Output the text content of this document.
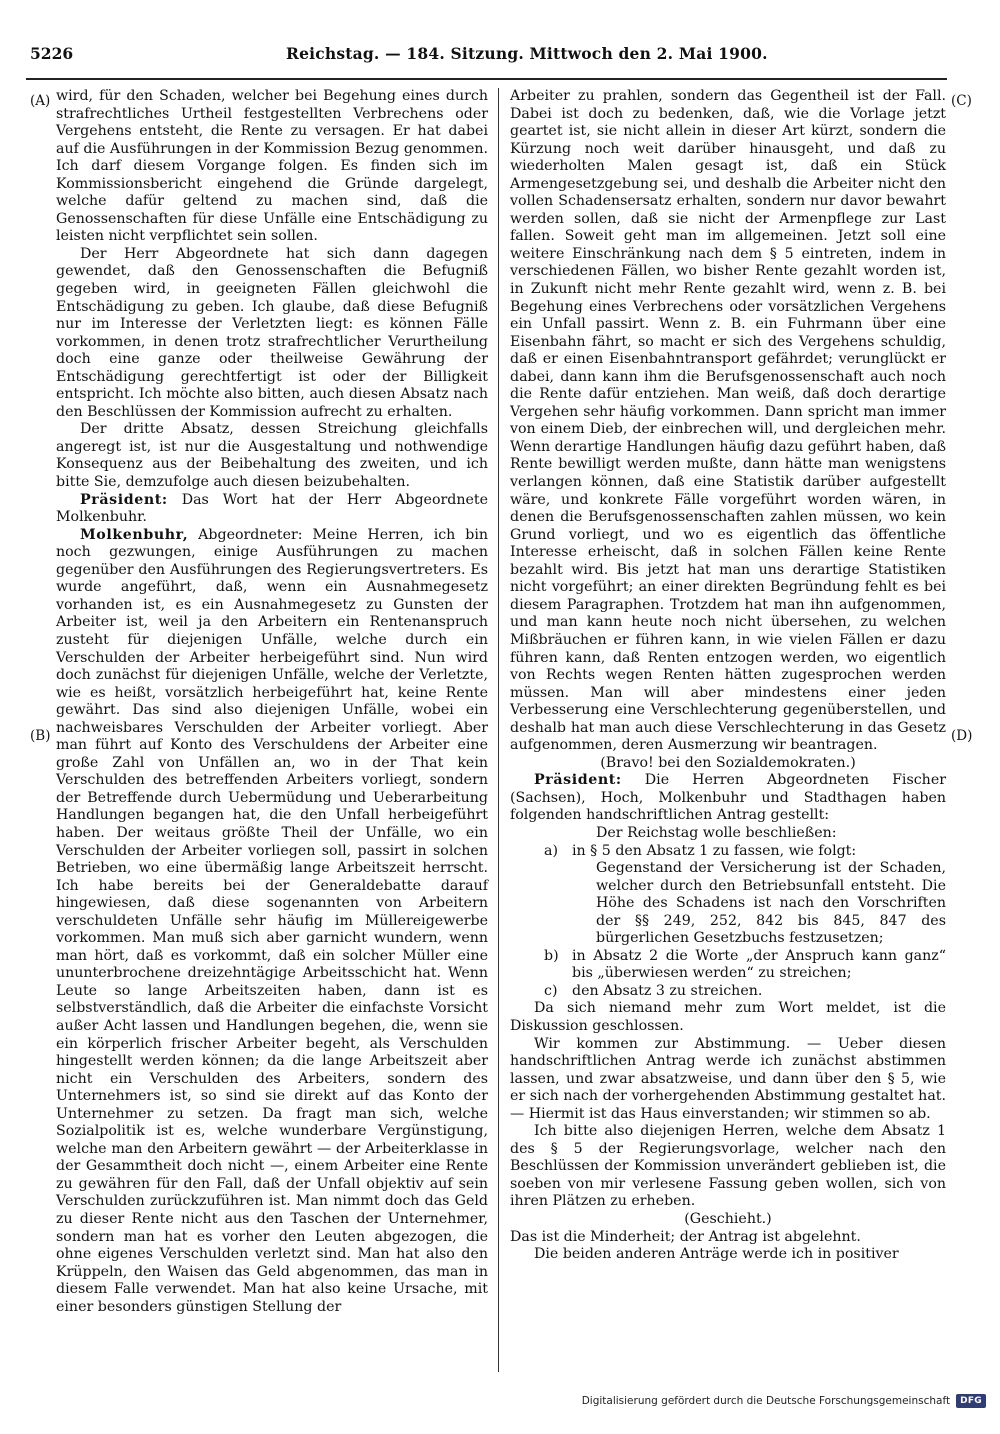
5226	Reichstag. — 184. Sitzung. Mittwoch den 2. Mai 1900.
(A)
(B)
(C)
(D)

wird, für den Schaden, welcher bei Begehung eines durch strafrechtliches Urtheil festgestellten Verbrechens oder Vergehens entsteht, die Rente zu versagen. Er hat dabei auf die Ausführungen in der Kommission Bezug genommen. Ich darf diesem Vorgange folgen. Es finden sich im Kommissionsbericht eingehend die Gründe dargelegt, welche dafür geltend zu machen sind, daß die Genossenschaften für diese Unfälle eine Entschädigung zu leisten nicht verpflichtet sein sollen.

Der Herr Abgeordnete hat sich dann dagegen gewendet, daß den Genossenschaften die Befugniß gegeben wird, in geeigneten Fällen gleichwohl die Entschädigung zu geben. Ich glaube, daß diese Befugniß nur im Interesse der Verletzten liegt: es können Fälle vorkommen, in denen trotz strafrechtlicher Verurtheilung doch eine ganze oder theilweise Gewährung der Entschädigung gerechtfertigt ist oder der Billigkeit entspricht. Ich möchte also bitten, auch diesen Absatz nach den Beschlüssen der Kommission aufrecht zu erhalten.

Der dritte Absatz, dessen Streichung gleichfalls angeregt ist, ist nur die Ausgestaltung und nothwendige Konsequenz aus der Beibehaltung des zweiten, und ich bitte Sie, demzufolge auch diesen beizubehalten.

Präsident: Das Wort hat der Herr Abgeordnete Molkenbuhr.

Molkenbuhr, Abgeordneter: Meine Herren, ich bin noch gezwungen, einige Ausführungen zu machen gegenüber den Ausführungen des Regierungsvertreters. Es wurde angeführt, daß, wenn ein Ausnahmegesetz vorhanden ist, es ein Ausnahmegesetz zu Gunsten der Arbeiter ist, weil ja den Arbeitern ein Rentenanspruch zusteht für diejenigen Unfälle, welche durch ein Verschulden der Arbeiter herbeigeführt sind. Nun wird doch zunächst für diejenigen Unfälle, welche der Verletzte, wie es heißt, vorsätzlich herbeigeführt hat, keine Rente gewährt. Das sind also diejenigen Unfälle, wobei ein nachweisbares Verschulden der Arbeiter vorliegt. Aber man führt auf Konto des Verschuldens der Arbeiter eine große Zahl von Unfällen an, wo in der That kein Verschulden des betreffenden Arbeiters vorliegt, sondern der Betreffende durch Uebermüdung und Ueberarbeitung Handlungen begangen hat, die den Unfall herbeigeführt haben. Der weitaus größte Theil der Unfälle, wo ein Verschulden der Arbeiter vorliegen soll, passirt in solchen Betrieben, wo eine übermäßig lange Arbeitszeit herrscht. Ich habe bereits bei der Generaldebatte darauf hingewiesen, daß diese sogenannten von Arbeitern verschuldeten Unfälle sehr häufig im Müllereigewerbe vorkommen. Man muß sich aber garnicht wundern, wenn man hört, daß es vorkommt, daß ein solcher Müller eine ununterbrochene dreizehntägige Arbeitsschicht hat. Wenn Leute so lange Arbeitszeiten haben, dann ist es selbstverständlich, daß die Arbeiter die einfachste Vorsicht außer Acht lassen und Handlungen begehen, die, wenn sie ein körperlich frischer Arbeiter begeht, als Verschulden hingestellt werden können; da die lange Arbeitszeit aber nicht ein Verschulden des Arbeiters, sondern des Unternehmers ist, so sind sie direkt auf das Konto der Unternehmer zu setzen. Da fragt man sich, welche Sozialpolitik ist es, welche wunderbare Vergünstigung, welche man den Arbeitern gewährt — der Arbeiterklasse in der Gesammtheit doch nicht —, einem Arbeiter eine Rente zu gewähren für den Fall, daß der Unfall objektiv auf sein Verschulden zurückzuführen ist. Man nimmt doch das Geld zu dieser Rente nicht aus den Taschen der Unternehmer, sondern man hat es vorher den Leuten abgezogen, die ohne eigenes Verschulden verletzt sind. Man hat also den Krüppeln, den Waisen das Geld abgenommen, das man in diesem Falle verwendet. Man hat also keine Ursache, mit einer besonders günstigen Stellung der

Arbeiter zu prahlen, sondern das Gegentheil ist der Fall. Dabei ist doch zu bedenken, daß, wie die Vorlage jetzt geartet ist, sie nicht allein in dieser Art kürzt, sondern die Kürzung noch weit darüber hinausgeht, und daß zu wiederholten Malen gesagt ist, daß ein Stück Armengesetzgebung sei, und deshalb die Arbeiter nicht den vollen Schadensersatz erhalten, sondern nur davor bewahrt werden sollen, daß sie nicht der Armenpflege zur Last fallen. Soweit geht man im allgemeinen. Jetzt soll eine weitere Einschränkung nach dem § 5 eintreten, indem in verschiedenen Fällen, wo bisher Rente gezahlt worden ist, in Zukunft nicht mehr Rente gezahlt wird, wenn z. B. bei Begehung eines Verbrechens oder vorsätzlichen Vergehens ein Unfall passirt. Wenn z. B. ein Fuhrmann über eine Eisenbahn fährt, so macht er sich des Vergehens schuldig, daß er einen Eisenbahntransport gefährdet; verunglückt er dabei, dann kann ihm die Berufsgenossenschaft auch noch die Rente dafür entziehen. Man weiß, daß doch derartige Vergehen sehr häufig vorkommen. Dann spricht man immer von einem Dieb, der einbrechen will, und dergleichen mehr. Wenn derartige Handlungen häufig dazu geführt haben, daß Rente bewilligt werden mußte, dann hätte man wenigstens verlangen können, daß eine Statistik darüber aufgestellt wäre, und konkrete Fälle vorgeführt worden wären, in denen die Berufsgenossenschaften zahlen müssen, wo kein Grund vorliegt, und wo es eigentlich das öffentliche Interesse erheischt, daß in solchen Fällen keine Rente bezahlt wird. Bis jetzt hat man uns derartige Statistiken nicht vorgeführt; an einer direkten Begründung fehlt es bei diesem Paragraphen. Trotzdem hat man ihn aufgenommen, und man kann heute noch nicht übersehen, zu welchen Mißbräuchen er führen kann, in wie vielen Fällen er dazu führen kann, daß Renten entzogen werden, wo eigentlich von Rechts wegen Renten hätten zugesprochen werden müssen. Man will aber mindestens einer jeden Verbesserung eine Verschlechterung gegenüberstellen, und deshalb hat man auch diese Verschlechterung in das Gesetz aufgenommen, deren Ausmerzung wir beantragen.

(Bravo! bei den Sozialdemokraten.)

Präsident: Die Herren Abgeordneten Fischer (Sachsen), Hoch, Molkenbuhr und Stadthagen haben folgenden handschriftlichen Antrag gestellt:

Der Reichstag wolle beschließen:

a) in § 5 den Absatz 1 zu fassen, wie folgt:
Gegenstand der Versicherung ist der Schaden, welcher durch den Betriebsunfall entsteht. Die Höhe des Schadens ist nach den Vorschriften der §§ 249, 252, 842 bis 845, 847 des bürgerlichen Gesetzbuchs festzusetzen;
b) in Absatz 2 die Worte „der Anspruch kann ganz“ bis „überwiesen werden“ zu streichen;
c) den Absatz 3 zu streichen.

Da sich niemand mehr zum Wort meldet, ist die Diskussion geschlossen.

Wir kommen zur Abstimmung. — Ueber diesen handschriftlichen Antrag werde ich zunächst abstimmen lassen, und zwar absatzweise, und dann über den § 5, wie er sich nach der vorhergehenden Abstimmung gestaltet hat. — Hiermit ist das Haus einverstanden; wir stimmen so ab.

Ich bitte also diejenigen Herren, welche dem Absatz 1 des § 5 der Regierungsvorlage, welcher nach den Beschlüssen der Kommission unverändert geblieben ist, die soeben von mir verlesene Fassung geben wollen, sich von ihren Plätzen zu erheben.

(Geschieht.)

Das ist die Minderheit; der Antrag ist abgelehnt.

Die beiden anderen Anträge werde ich in positiver

Digitalisierung gefördert durch die Deutsche Forschungsgemeinschaft	DFG
